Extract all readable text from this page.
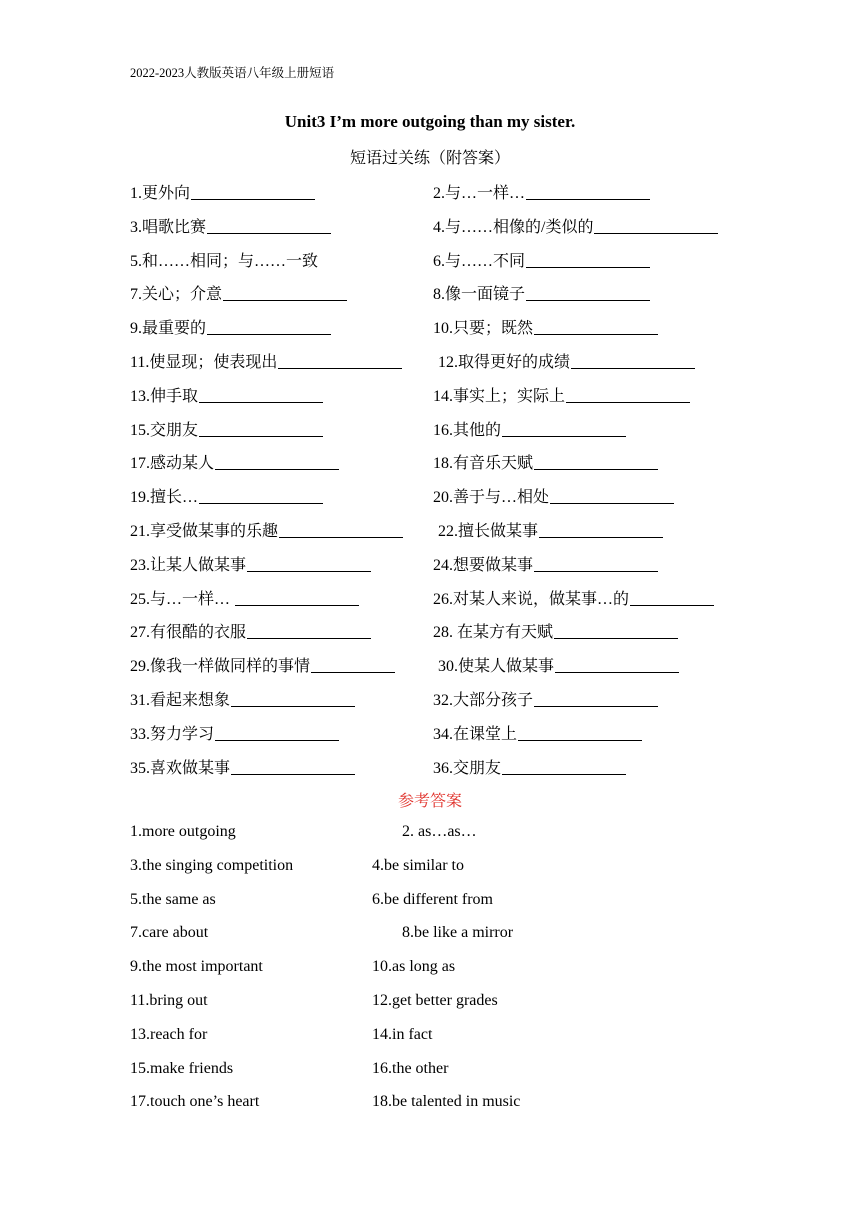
2022-2023人教版英语八年级上册短语
Unit3 I’m more outgoing than my sister.
短语过关练（附答案）
1.更外向	2.与…一样…
3.唱歌比赛	4.与……相像的/类似的
5.和……相同；与……一致	6.与……不同
7.关心；介意	8.像一面镜子
9.最重要的	10.只要；既然
11.使显现；使表现出	12.取得更好的成绩
13.伸手取	14.事实上；实际上
15.交朋友	16.其他的
17.感动某人	18.有音乐天赋
19.擅长…	20.善于与…相处
21.享受做某事的乐趣	22.擅长做某事
23.让某人做某事	24.想要做某事
25.与…一样…	26.对某人来说，做某事…的
27.有很酷的衣服	28. 在某方有天赋
29.像我一样做同样的事情	30.使某人做某事
31.看起来想象	32.大部分孩子
33.努力学习	34.在课堂上
35.喜欢做某事	36.交朋友
参考答案
1.more outgoing	2. as…as…
3.the singing competition	4.be similar to
5.the same as	6.be different from
7.care about	8.be like a mirror
9.the most important	10.as long as
11.bring out	12.get better grades
13.reach for	14.in fact
15.make friends	16.the other
17.touch one’s heart	18.be talented in music
